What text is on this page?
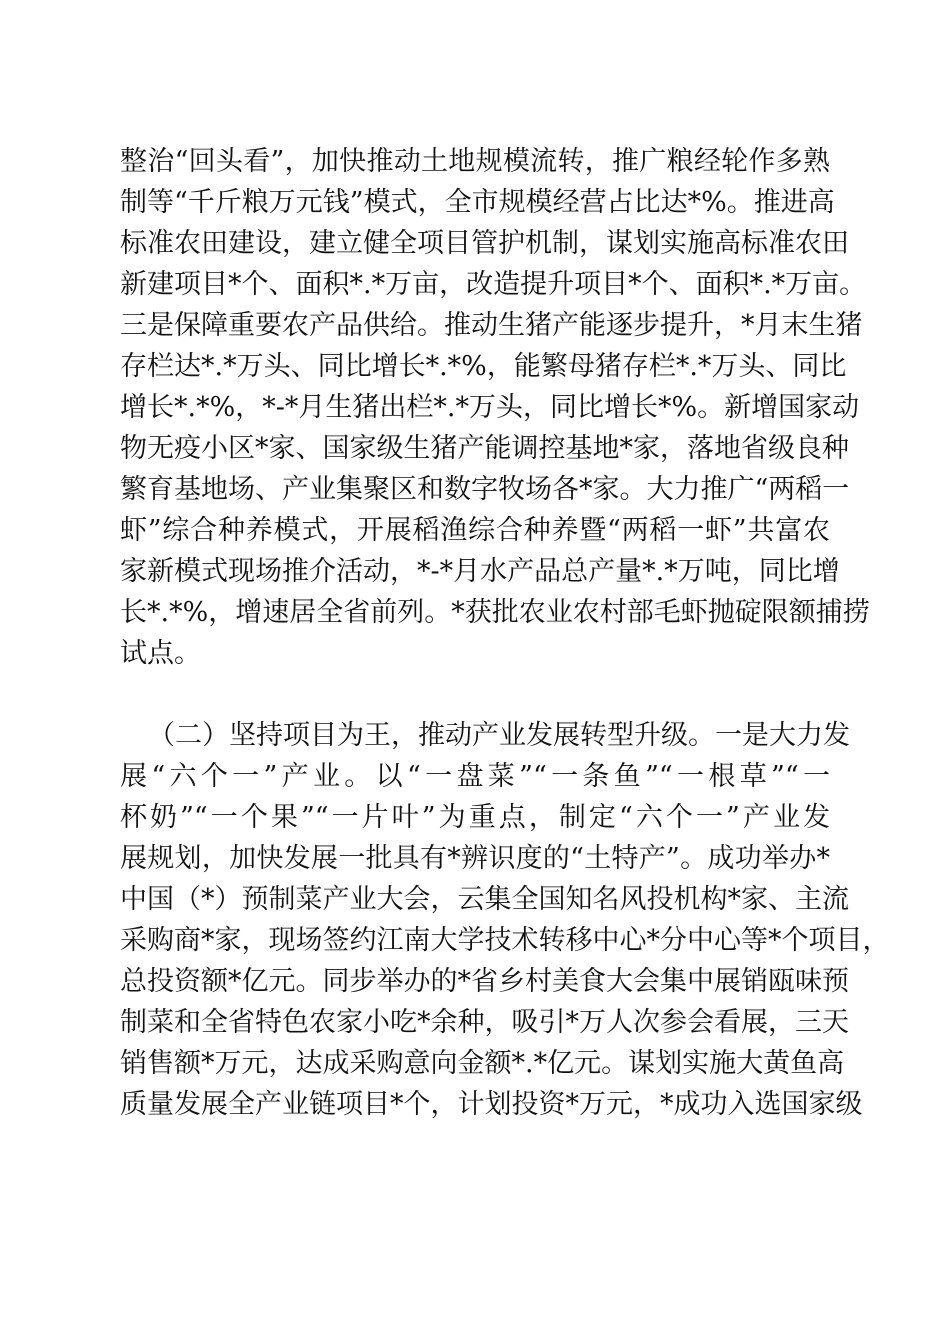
整治“回头看”，加快推动土地规模流转，推广粮经轮作多熟
制等“千斤粮万元钱”模式，全市规模经营占比达*%。推进高
标准农田建设，建立健全项目管护机制，谋划实施高标准农田
新建项目*个、面积*.*万亩，改造提升项目*个、面积*.*万亩。
三是保障重要农产品供给。推动生猪产能逐步提升，*月末生猪
存栏达*.*万头、同比增长*.*%，能繁母猪存栏*.*万头、同比
增长*.*%，*-*月生猪出栏*.*万头，同比增长*%。新增国家动
物无疫小区*家、国家级生猪产能调控基地*家，落地省级良种
繁育基地场、产业集聚区和数字牧场各*家。大力推广“两稻一
虾”综合种养模式，开展稻渔综合种养暨“两稻一虾”共富农
家新模式现场推介活动，*-*月水产品总产量*.*万吨，同比增
长*.*%，增速居全省前列。*获批农业农村部毛虾抛碇限额捕捞
试点。
（二）坚持项目为王，推动产业发展转型升级。一是大力发
展“六个一”产业。以“一盘菜”“一条鱼”“一根草”“一
杯奶”“一个果”“一片叶”为重点，制定“六个一”产业发
展规划，加快发展一批具有*辨识度的“土特产”。成功举办*
中国（*）预制菜产业大会，云集全国知名风投机构*家、主流
采购商*家，现场签约江南大学技术转移中心*分中心等*个项目，
总投资额*亿元。同步举办的*省乡村美食大会集中展销瓯味预
制菜和全省特色农家小吃*余种，吸引*万人次参会看展，三天
销售额*万元，达成采购意向金额*.*亿元。谋划实施大黄鱼高
质量发展全产业链项目*个，计划投资*万元，*成功入选国家级
